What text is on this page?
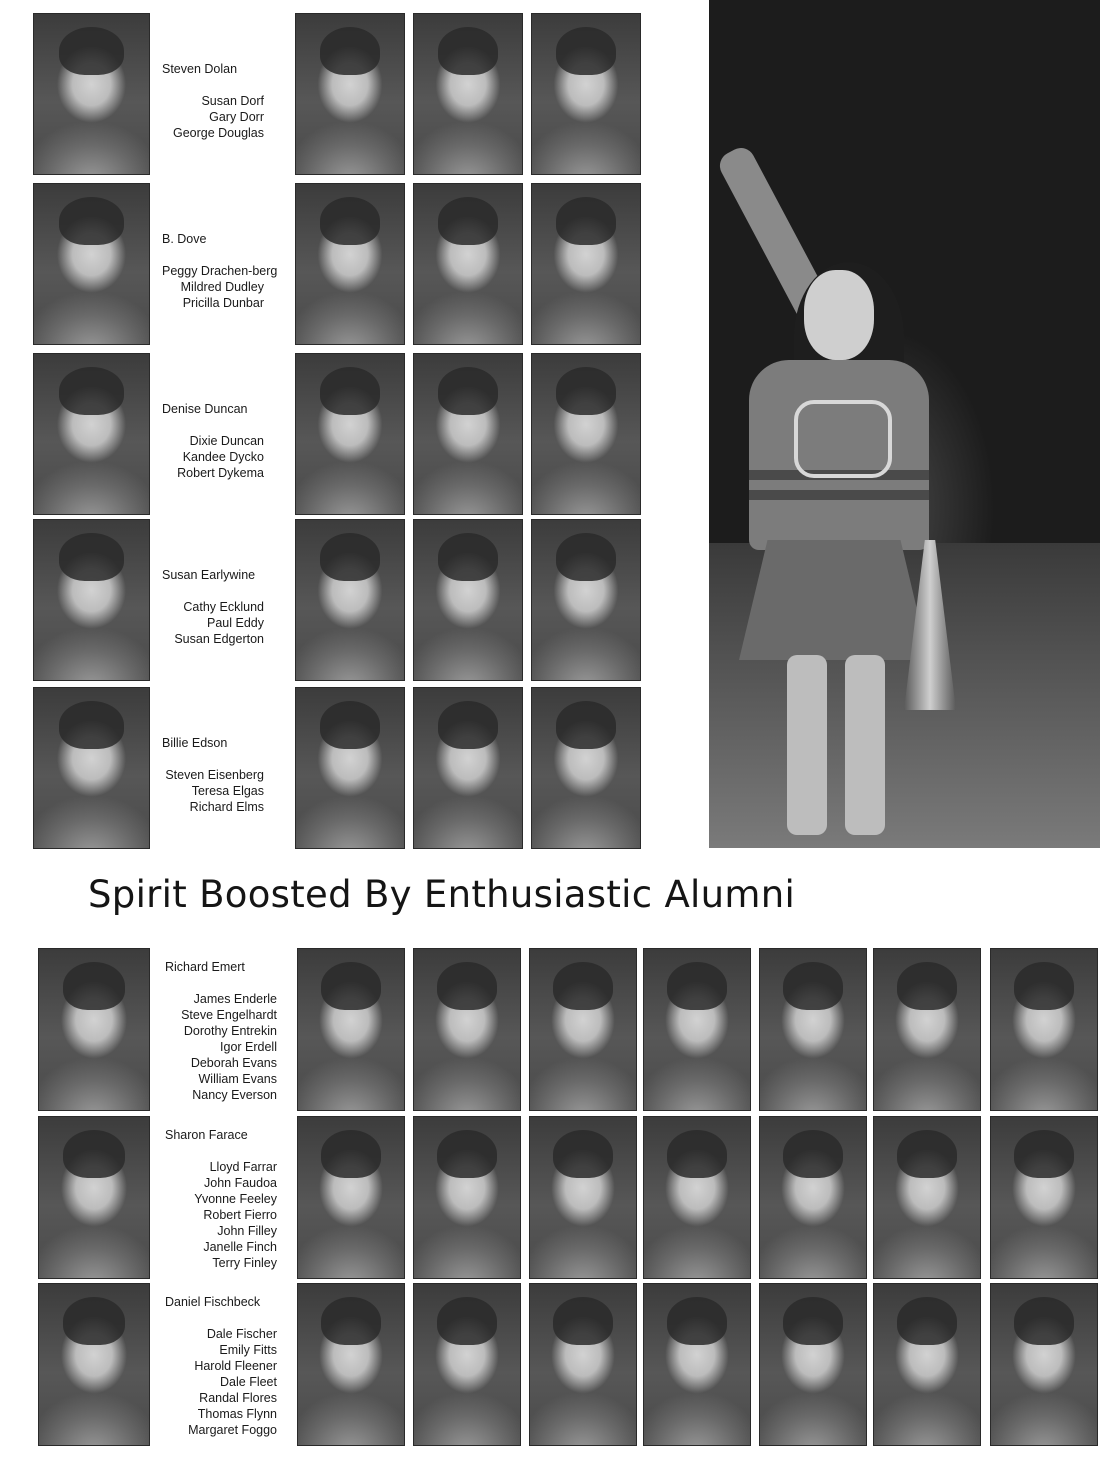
Steven Dolan
Susan Dorf
Gary Dorr
George Douglas
B. Dove
Peggy Drachen-berg
Mildred Dudley
Pricilla Dunbar
Denise Duncan
Dixie Duncan
Kandee Dycko
Robert Dykema
Susan Earlywine
Cathy Ecklund
Paul Eddy
Susan Edgerton
Billie Edson
Steven Eisenberg
Teresa Elgas
Richard Elms
Spirit Boosted By Enthusiastic Alumni
Richard Emert
James Enderle
Steve Engelhardt
Dorothy Entrekin
Igor Erdell
Deborah Evans
William Evans
Nancy Everson
Sharon Farace
Lloyd Farrar
John Faudoa
Yvonne Feeley
Robert Fierro
John Filley
Janelle Finch
Terry Finley
Daniel Fischbeck
Dale Fischer
Emily Fitts
Harold Fleener
Dale Fleet
Randal Flores
Thomas Flynn
Margaret Foggo
